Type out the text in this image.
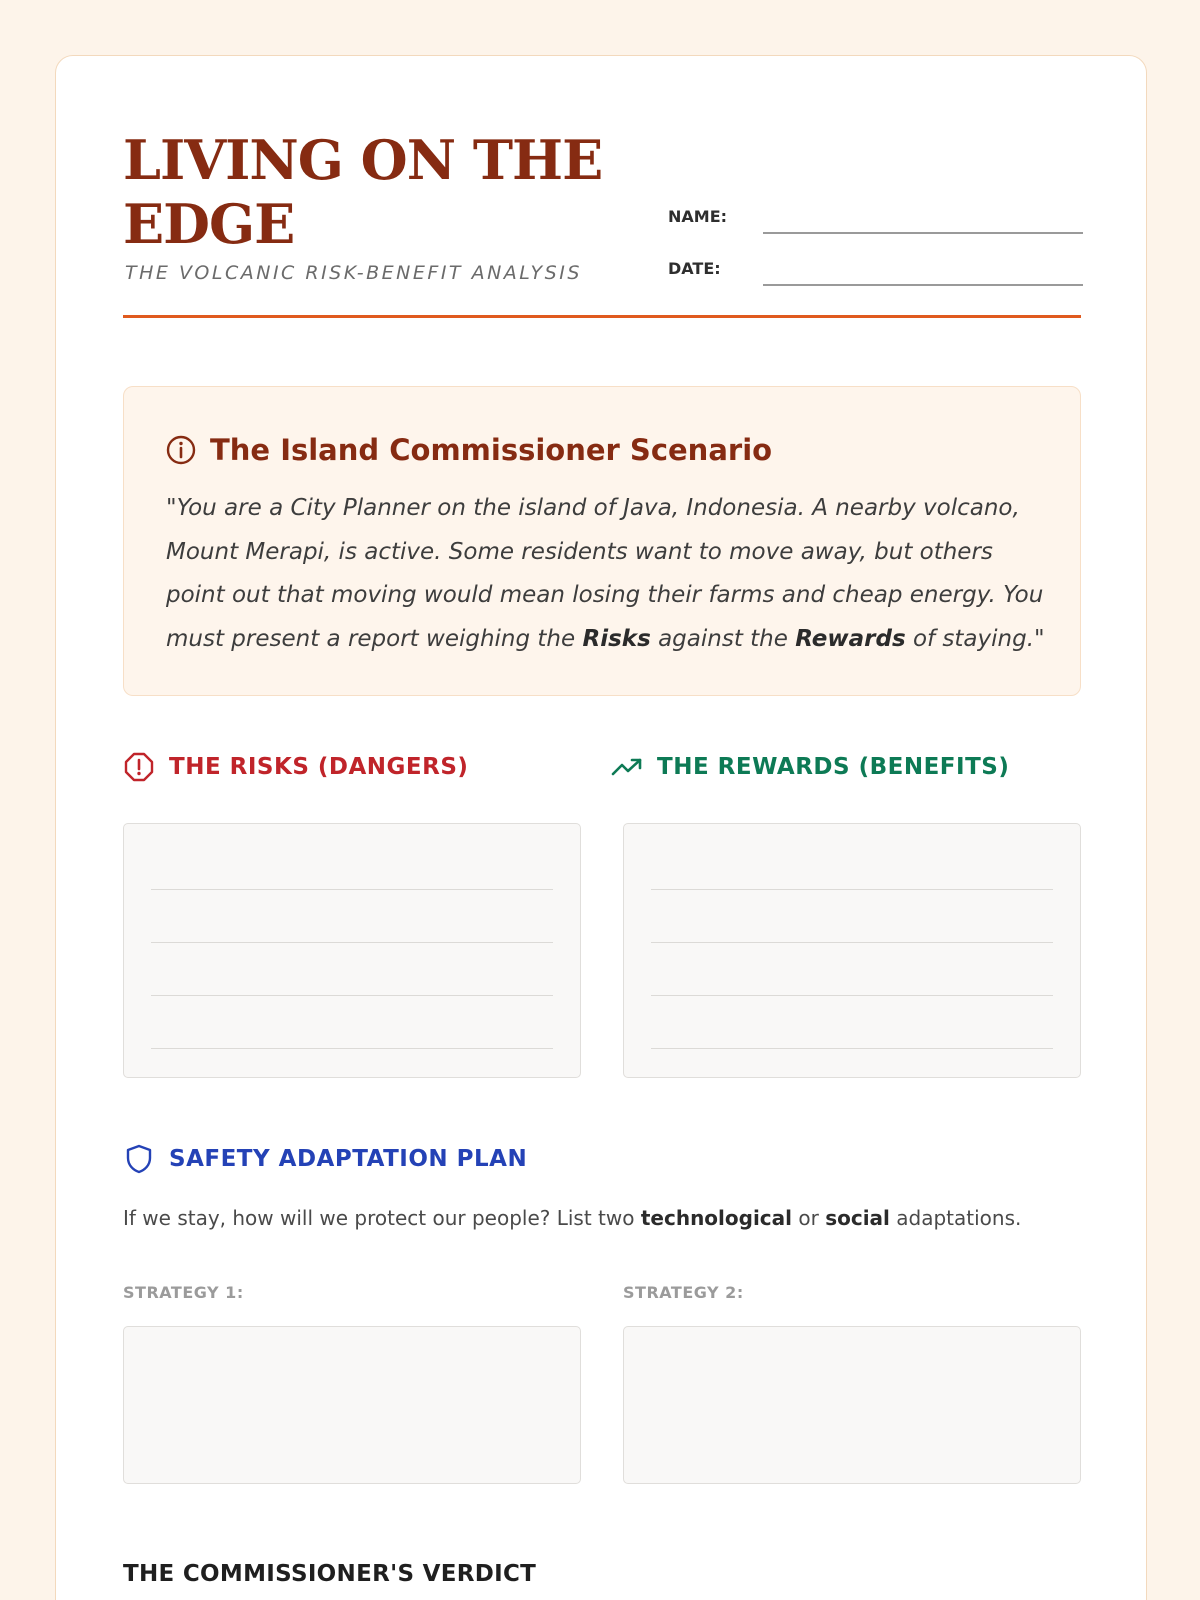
LIVING ON THE EDGE
THE VOLCANIC RISK-BENEFIT ANALYSIS
NAME:
DATE:
The Island Commissioner Scenario

"You are a City Planner on the island of Java, Indonesia. A nearby volcano, Mount Merapi, is active. Some residents want to move away, but others point out that moving would mean losing their farms and cheap energy. You must present a report weighing the Risks against the Rewards of staying."

THE RISKS (DANGERS)	THE REWARDS (BENEFITS)
SAFETY ADAPTATION PLAN

If we stay, how will we protect our people? List two technological or social adaptations.

STRATEGY 1:	STRATEGY 2:
THE COMMISSIONER'S VERDICT
